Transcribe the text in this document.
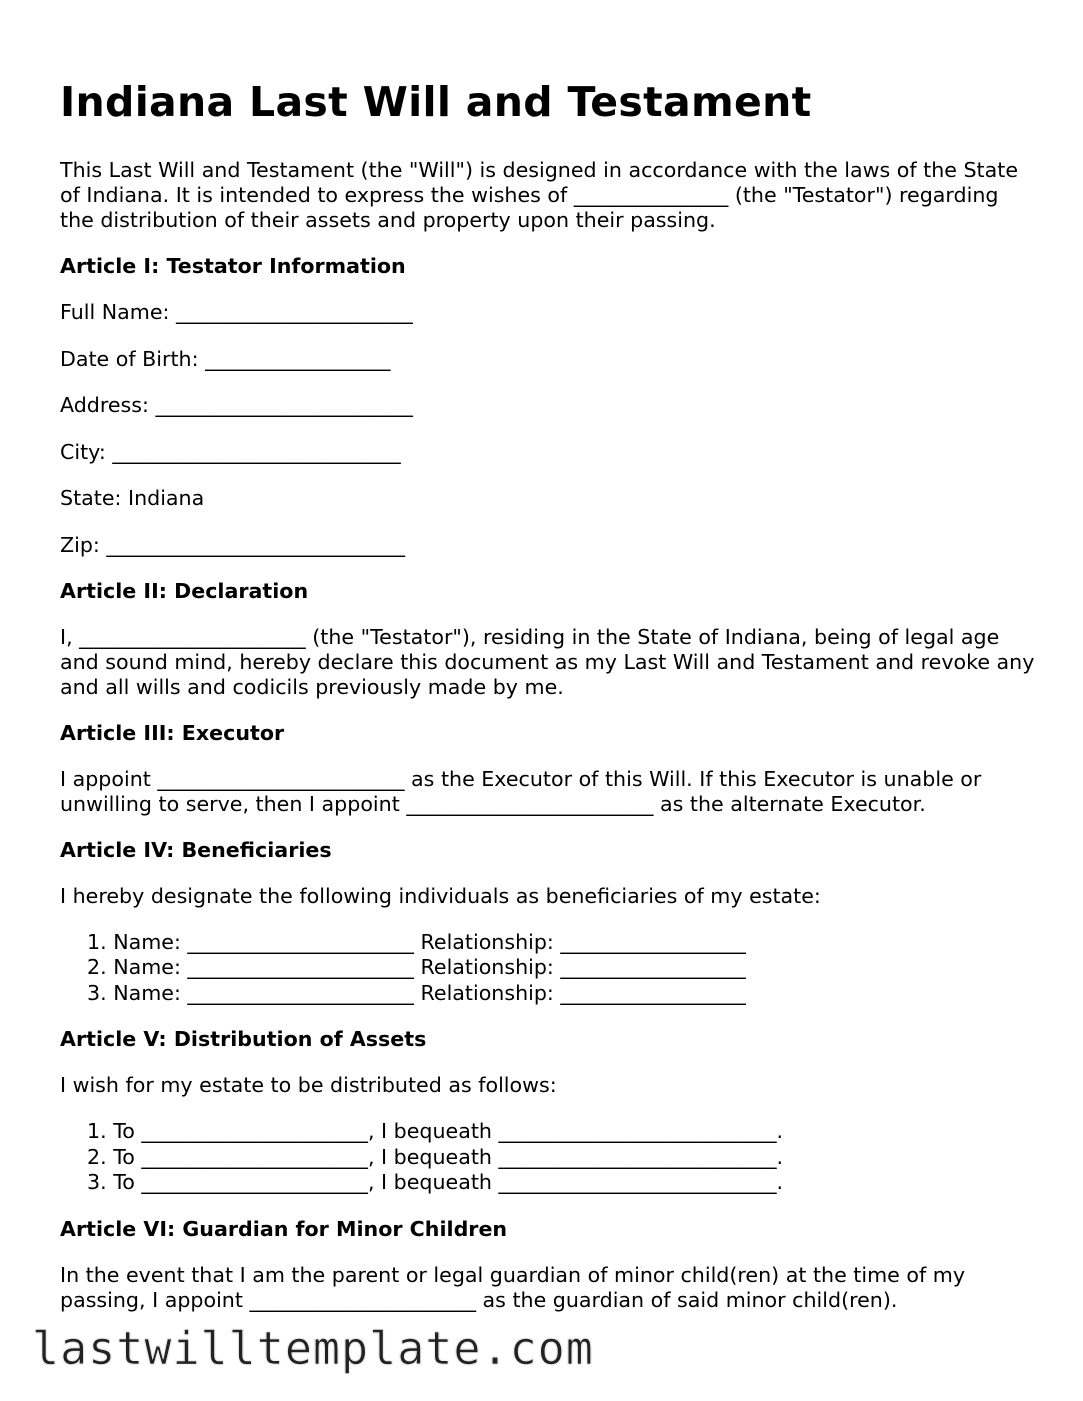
Indiana Last Will and Testament

This Last Will and Testament (the "Will") is designed in accordance with the laws of the State of Indiana. It is intended to express the wishes of _______________ (the "Testator") regarding the distribution of their assets and property upon their passing.

Article I: Testator Information

Full Name: _______________________

Date of Birth: __________________

Address: _________________________

City: ____________________________

State: Indiana

Zip: _____________________________

Article II: Declaration

I, ______________________ (the "Testator"), residing in the State of Indiana, being of legal age and sound mind, hereby declare this document as my Last Will and Testament and revoke any and all wills and codicils previously made by me.

Article III: Executor

I appoint ________________________ as the Executor of this Will. If this Executor is unable or unwilling to serve, then I appoint ________________________ as the alternate Executor.

Article IV: Beneficiaries

I hereby designate the following individuals as beneficiaries of my estate:

1. Name: ______________________ Relationship: __________________
2. Name: ______________________ Relationship: __________________
3. Name: ______________________ Relationship: __________________

Article V: Distribution of Assets

I wish for my estate to be distributed as follows:

1. To ______________________, I bequeath ___________________________.
2. To ______________________, I bequeath ___________________________.
3. To ______________________, I bequeath ___________________________.

Article VI: Guardian for Minor Children

In the event that I am the parent or legal guardian of minor child(ren) at the time of my passing, I appoint ______________________ as the guardian of said minor child(ren).

lastwilltemplate.com
